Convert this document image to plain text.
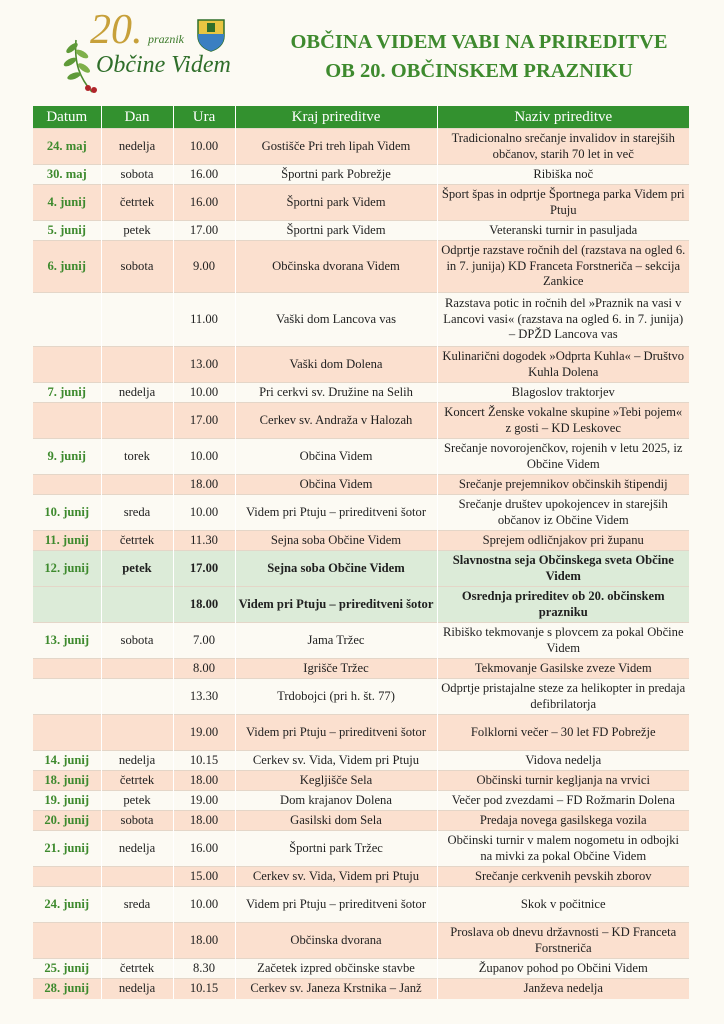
20. praznik
Občine Videm
OBČINA VIDEM VABI NA PRIREDITVE
OB 20. OBČINSKEM PRAZNIKU
Datum	Dan	Ura	Kraj prireditve	Naziv prireditve
24. maj	nedelja	10.00	Gostišče Pri treh lipah Videm	Tradicionalno srečanje invalidov in starejših občanov, starih 70 let in več
30. maj	sobota	16.00	Športni park Pobrežje	Ribiška noč
4. junij	četrtek	16.00	Športni park Videm	Šport špas in odprtje Športnega parka Videm pri Ptuju
5. junij	petek	17.00	Športni park Videm	Veteranski turnir in pasuljada
6. junij	sobota	9.00	Občinska dvorana Videm	Odprtje razstave ročnih del (razstava na ogled 6. in 7. junija) KD Franceta Forstneriča – sekcija Zankice
		11.00	Vaški dom Lancova vas	Razstava potic in ročnih del »Praznik na vasi v Lancovi vasi« (razstava na ogled 6. in 7. junija) – DPŽD Lancova vas
		13.00	Vaški dom Dolena	Kulinarični dogodek »Odprta Kuhla« – Društvo Kuhla Dolena
7. junij	nedelja	10.00	Pri cerkvi sv. Družine na Selih	Blagoslov traktorjev
		17.00	Cerkev sv. Andraža v Halozah	Koncert Ženske vokalne skupine »Tebi pojem« z gosti – KD Leskovec
9. junij	torek	10.00	Občina Videm	Srečanje novorojenčkov, rojenih v letu 2025, iz Občine Videm
		18.00	Občina Videm	Srečanje prejemnikov občinskih štipendij
10. junij	sreda	10.00	Videm pri Ptuju – prireditveni šotor	Srečanje društev upokojencev in starejših občanov iz Občine Videm
11. junij	četrtek	11.30	Sejna soba Občine Videm	Sprejem odličnjakov pri županu
12. junij	petek	17.00	Sejna soba Občine Videm	Slavnostna seja Občinskega sveta Občine Videm
		18.00	Videm pri Ptuju – prireditveni šotor	Osrednja prireditev ob 20. občinskem prazniku
13. junij	sobota	7.00	Jama Tržec	Ribiško tekmovanje s plovcem za pokal Občine Videm
		8.00	Igrišče Tržec	Tekmovanje Gasilske zveze Videm
		13.30	Trdobojci (pri h. št. 77)	Odprtje pristajalne steze za helikopter in predaja defibrilatorja
		19.00	Videm pri Ptuju – prireditveni šotor	Folklorni večer – 30 let FD Pobrežje
14. junij	nedelja	10.15	Cerkev sv. Vida, Videm pri Ptuju	Vidova nedelja
18. junij	četrtek	18.00	Kegljišče Sela	Občinski turnir kegljanja na vrvici
19. junij	petek	19.00	Dom krajanov Dolena	Večer pod zvezdami – FD Rožmarin Dolena
20. junij	sobota	18.00	Gasilski dom Sela	Predaja novega gasilskega vozila
21. junij	nedelja	16.00	Športni park Tržec	Občinski turnir v malem nogometu in odbojki na mivki za pokal Občine Videm
		15.00	Cerkev sv. Vida, Videm pri Ptuju	Srečanje cerkvenih pevskih zborov
24. junij	sreda	10.00	Videm pri Ptuju – prireditveni šotor	Skok v počitnice
		18.00	Občinska dvorana	Proslava ob dnevu državnosti – KD Franceta Forstneriča
25. junij	četrtek	8.30	Začetek izpred občinske stavbe	Županov pohod po Občini Videm
28. junij	nedelja	10.15	Cerkev sv. Janeza Krstnika – Janž	Janževa nedelja
